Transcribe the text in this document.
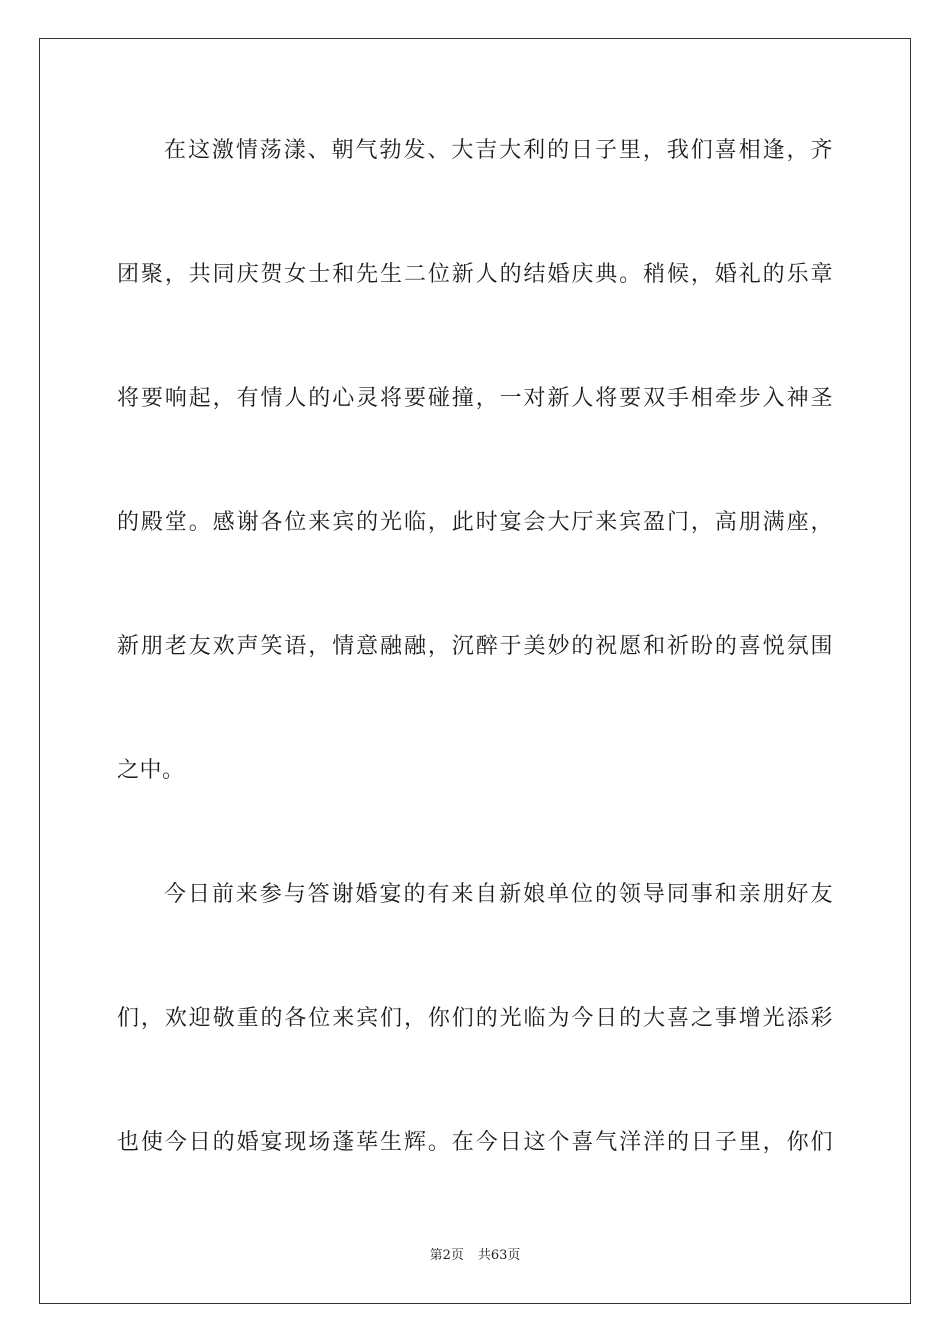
在这激情荡漾、朝气勃发、大吉大利的日子里，我们喜相逢，齐
团聚，共同庆贺女士和先生二位新人的结婚庆典。稍候，婚礼的乐章
将要响起，有情人的心灵将要碰撞，一对新人将要双手相牵步入神圣
的殿堂。感谢各位来宾的光临，此时宴会大厅来宾盈门，高朋满座，
新朋老友欢声笑语，情意融融，沉醉于美妙的祝愿和祈盼的喜悦氛围
之中。
今日前来参与答谢婚宴的有来自新娘单位的领导同事和亲朋好友
们，欢迎敬重的各位来宾们，你们的光临为今日的大喜之事增光添彩
也使今日的婚宴现场蓬荜生辉。在今日这个喜气洋洋的日子里，你们
第2页 共63页
